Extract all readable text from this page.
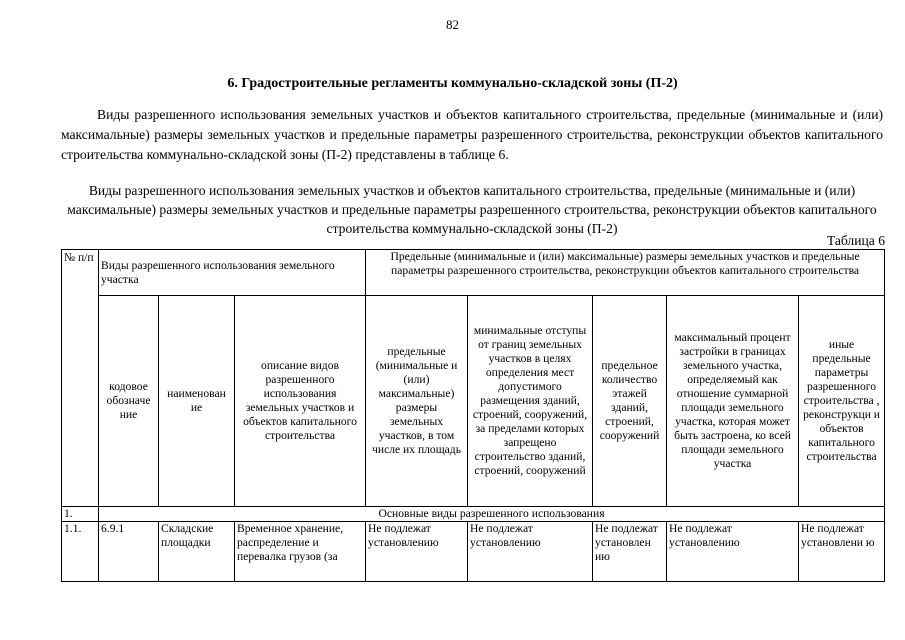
82
6. Градостроительные регламенты коммунально-складской зоны (П-2)
Виды разрешенного использования земельных участков и объектов капитального строительства, предельные (минимальные и (или) максимальные) размеры земельных участков и предельные параметры разрешенного строительства, реконструкции объектов капитального строительства коммунально-складской зоны (П-2) представлены в таблице 6.
Виды разрешенного использования земельных участков и объектов капитального строительства, предельные (минимальные и (или) максимальные) размеры земельных участков и предельные параметры разрешенного строительства, реконструкции объектов капитального строительства коммунально-складской зоны (П-2)
Таблица 6
№ п/п	Виды разрешенного использования земельного участка			Предельные (минимальные и (или) максимальные) размеры земельных участков и предельные параметры разрешенного строительства, реконструкции объектов капитального строительства				
	кодовое обозначе ние	наименован ие	описание видов разрешенного использования земельных участков и объектов капитального строительства	предельные (минимальные и (или) максимальные) размеры земельных участков, в том числе их площадь	минимальные отступы от границ земельных участков в целях определения мест допустимого размещения зданий, строений, сооружений, за пределами которых запрещено строительство зданий, строений, сооружений	предельное количество этажей зданий, строений, сооружений	максимальный процент застройки в границах земельного участка, определяемый как отношение суммарной площади земельного участка, которая может быть застроена, ко всей площади земельного участка	иные предельные параметры разрешенного строительства , реконструкци и объектов капитального строительства
1.	Основные виды разрешенного использования							
1.1.	6.9.1	Складские площадки	Временное хранение, распределение и перевалка грузов (за	Не подлежат установлению	Не подлежат установлению	Не подлежат установлен ию	Не подлежат установлению	Не подлежат установлени ю
